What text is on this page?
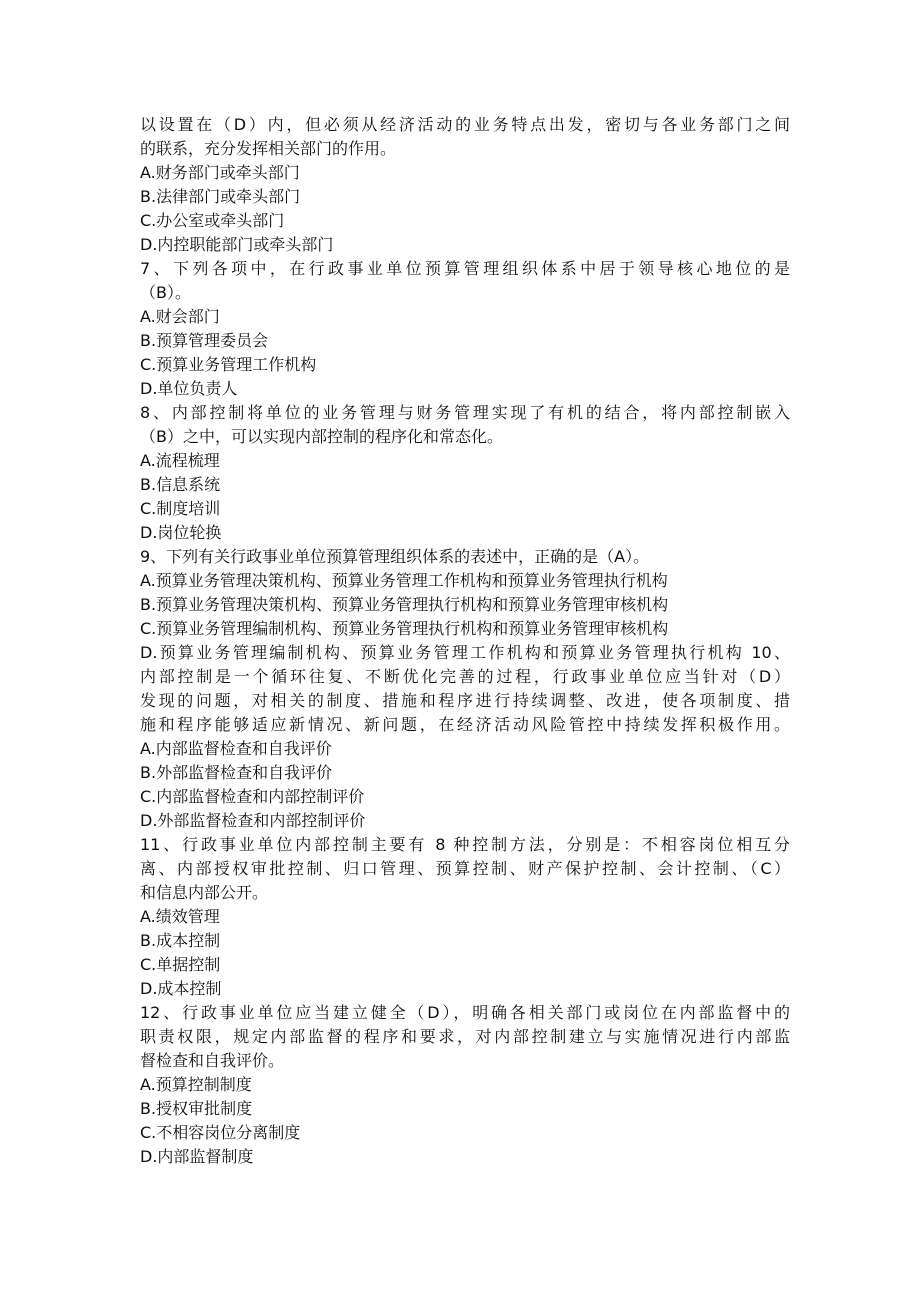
以设置在（D）内，但必须从经济活动的业务特点出发，密切与各业务部门之间
的联系，充分发挥相关部门的作用。
A.财务部门或牵头部门
B.法律部门或牵头部门
C.办公室或牵头部门
D.内控职能部门或牵头部门
7、下列各项中，在行政事业单位预算管理组织体系中居于领导核心地位的是
（B）。
A.财会部门
B.预算管理委员会
C.预算业务管理工作机构
D.单位负责人
8、内部控制将单位的业务管理与财务管理实现了有机的结合，将内部控制嵌入
（B）之中，可以实现内部控制的程序化和常态化。
A.流程梳理
B.信息系统
C.制度培训
D.岗位轮换
9、下列有关行政事业单位预算管理组织体系的表述中，正确的是（A）。
A.预算业务管理决策机构、预算业务管理工作机构和预算业务管理执行机构
B.预算业务管理决策机构、预算业务管理执行机构和预算业务管理审核机构
C.预算业务管理编制机构、预算业务管理执行机构和预算业务管理审核机构
D.预算业务管理编制机构、预算业务管理工作机构和预算业务管理执行机构 10、
内部控制是一个循环往复、不断优化完善的过程，行政事业单位应当针对（D）
发现的问题，对相关的制度、措施和程序进行持续调整、改进，使各项制度、措
施和程序能够适应新情况、新问题，在经济活动风险管控中持续发挥积极作用。
A.内部监督检查和自我评价
B.外部监督检查和自我评价
C.内部监督检查和内部控制评价
D.外部监督检查和内部控制评价
11、行政事业单位内部控制主要有 8 种控制方法，分别是：不相容岗位相互分
离、内部授权审批控制、归口管理、预算控制、财产保护控制、会计控制、（C）
和信息内部公开。
A.绩效管理
B.成本控制
C.单据控制
D.成本控制
12、行政事业单位应当建立健全（D），明确各相关部门或岗位在内部监督中的
职责权限，规定内部监督的程序和要求，对内部控制建立与实施情况进行内部监
督检查和自我评价。
A.预算控制制度
B.授权审批制度
C.不相容岗位分离制度
D.内部监督制度
